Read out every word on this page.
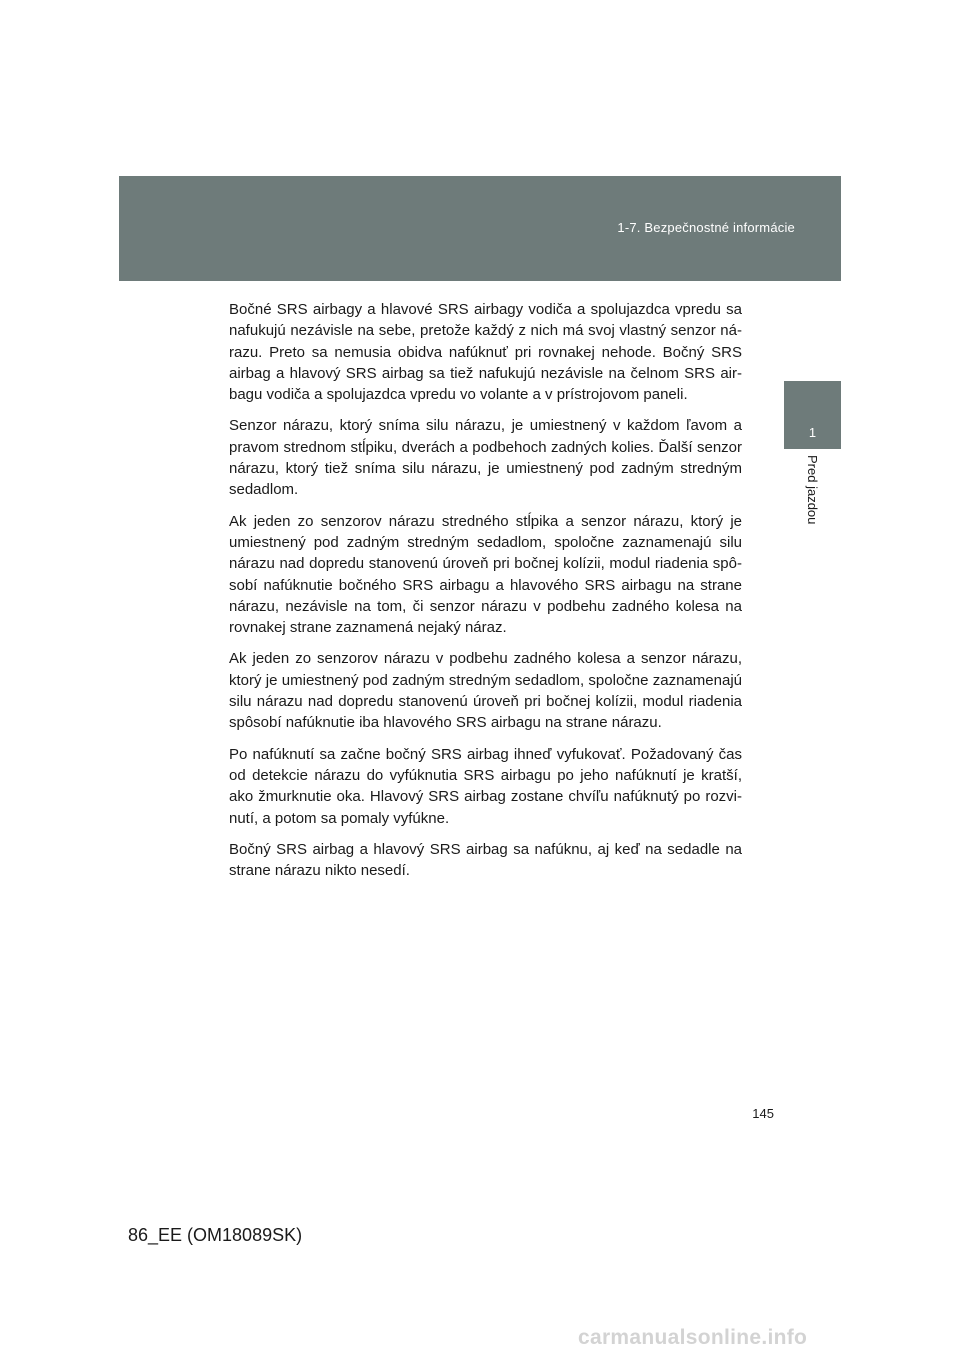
1-7. Bezpečnostné informácie
1
Pred jazdou

Bočné SRS airbagy a hlavové SRS airbagy vodiča a spolujazdca vpredu sa nafukujú nezávisle na sebe, pretože každý z nich má svoj vlastný senzor nárazu. Preto sa nemusia obidva nafúknuť pri rovnakej nehode. Bočný SRS airbag a hlavový SRS airbag sa tiež nafukujú nezávisle na čelnom SRS airbagu vodiča a spolujazdca vpredu vo volante a v prístrojovom paneli.

Senzor nárazu, ktorý sníma silu nárazu, je umiestnený v každom ľavom a pravom strednom stĺpiku, dverách a podbehoch zadných kolies. Ďalší senzor nárazu, ktorý tiež sníma silu nárazu, je umiestnený pod zadným stredným sedadlom.

Ak jeden zo senzorov nárazu stredného stĺpika a senzor nárazu, ktorý je umiestnený pod zadným stredným sedadlom, spoločne zaznamenajú silu nárazu nad dopredu stanovenú úroveň pri bočnej kolízii, modul riadenia spôsobí nafúknutie bočného SRS airbagu a hlavového SRS airbagu na strane nárazu, nezávisle na tom, či senzor nárazu v podbehu zadného kolesa na rovnakej strane zaznamená nejaký náraz.

Ak jeden zo senzorov nárazu v podbehu zadného kolesa a senzor nárazu, ktorý je umiestnený pod zadným stredným sedadlom, spoločne zaznamenajú silu nárazu nad dopredu stanovenú úroveň pri bočnej kolízii, modul riadenia spôsobí nafúknutie iba hlavového SRS airbagu na strane nárazu.

Po nafúknutí sa začne bočný SRS airbag ihneď vyfukovať. Požadovaný čas od detekcie nárazu do vyfúknutia SRS airbagu po jeho nafúknutí je kratší, ako žmurknutie oka. Hlavový SRS airbag zostane chvíľu nafúknutý po rozvinutí, a potom sa pomaly vyfúkne.

Bočný SRS airbag a hlavový SRS airbag sa nafúknu, aj keď na sedadle na strane nárazu nikto nesedí.

145
86_EE (OM18089SK)
carmanualsonline.info
